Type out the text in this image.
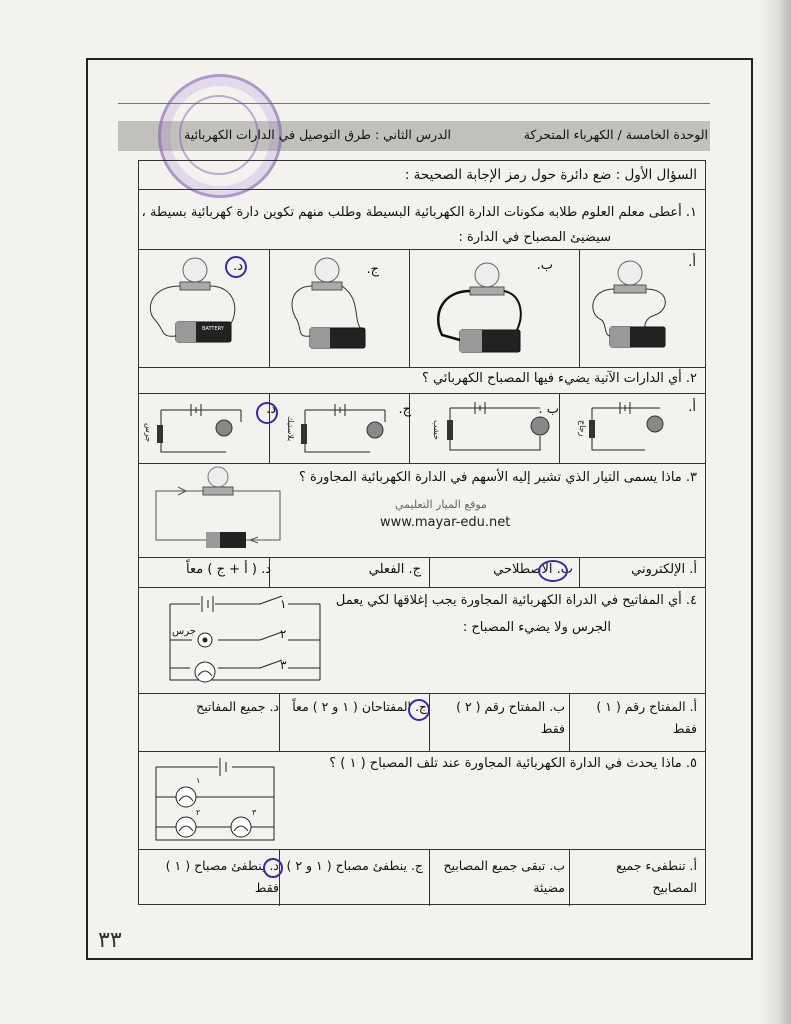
الوحدة الخامسة / الكهرباء المتحركة
الدرس الثاني : طرق التوصيل في الدارات الكهربائية
السؤال الأول : ضع دائرة حول رمز الإجابة الصحيحة :
١. أعطى معلم العلوم طلابه مكونات الدارة الكهربائية البسيطة وطلب منهم تكوين دارة كهربائية بسيطة ،
سيضيئ المصباح في الدارة :
أ.
ب.
ج.
د.
BATTERY
٢. أي الدارات الآتية يضيء فيها المصباح الكهربائي ؟
أ.
ب .
ج.
د.
جرس	بلاستيك	خشب	زجاج
٣. ماذا يسمى التيار الذي تشير إليه الأسهم في الدارة الكهربائية المجاورة ؟
موقع الميار التعليمي
www.mayar-edu.net
أ. الإلكتروني
ب. الاصطلاحي
ج. الفعلي
د. ( أ + ج ) معاً
٤. أي المفاتيح في الدراة الكهربائية المجاورة يجب إغلاقها لكي يعمل
الجرس ولا يضيء المصباح :
١
٢
٣
جرس
أ. المفتاح رقم ( ١ ) فقط
ب. المفتاح رقم ( ٢ ) فقط
ج. المفتاحان ( ١ و ٢ ) معاً
د. جميع المفاتيح
٥. ماذا يحدث في الدارة الكهربائية المجاورة عند تلف المصباح ( ١ ) ؟
١
٢	٣
أ. تنطفىء جميع المصابيح
ب. تبقى جميع المصابيح مضيئة
ج. ينطفئ مصباح ( ١ و ٢ )
د. ينطفئ مصباح ( ١ ) فقط
٣٣
